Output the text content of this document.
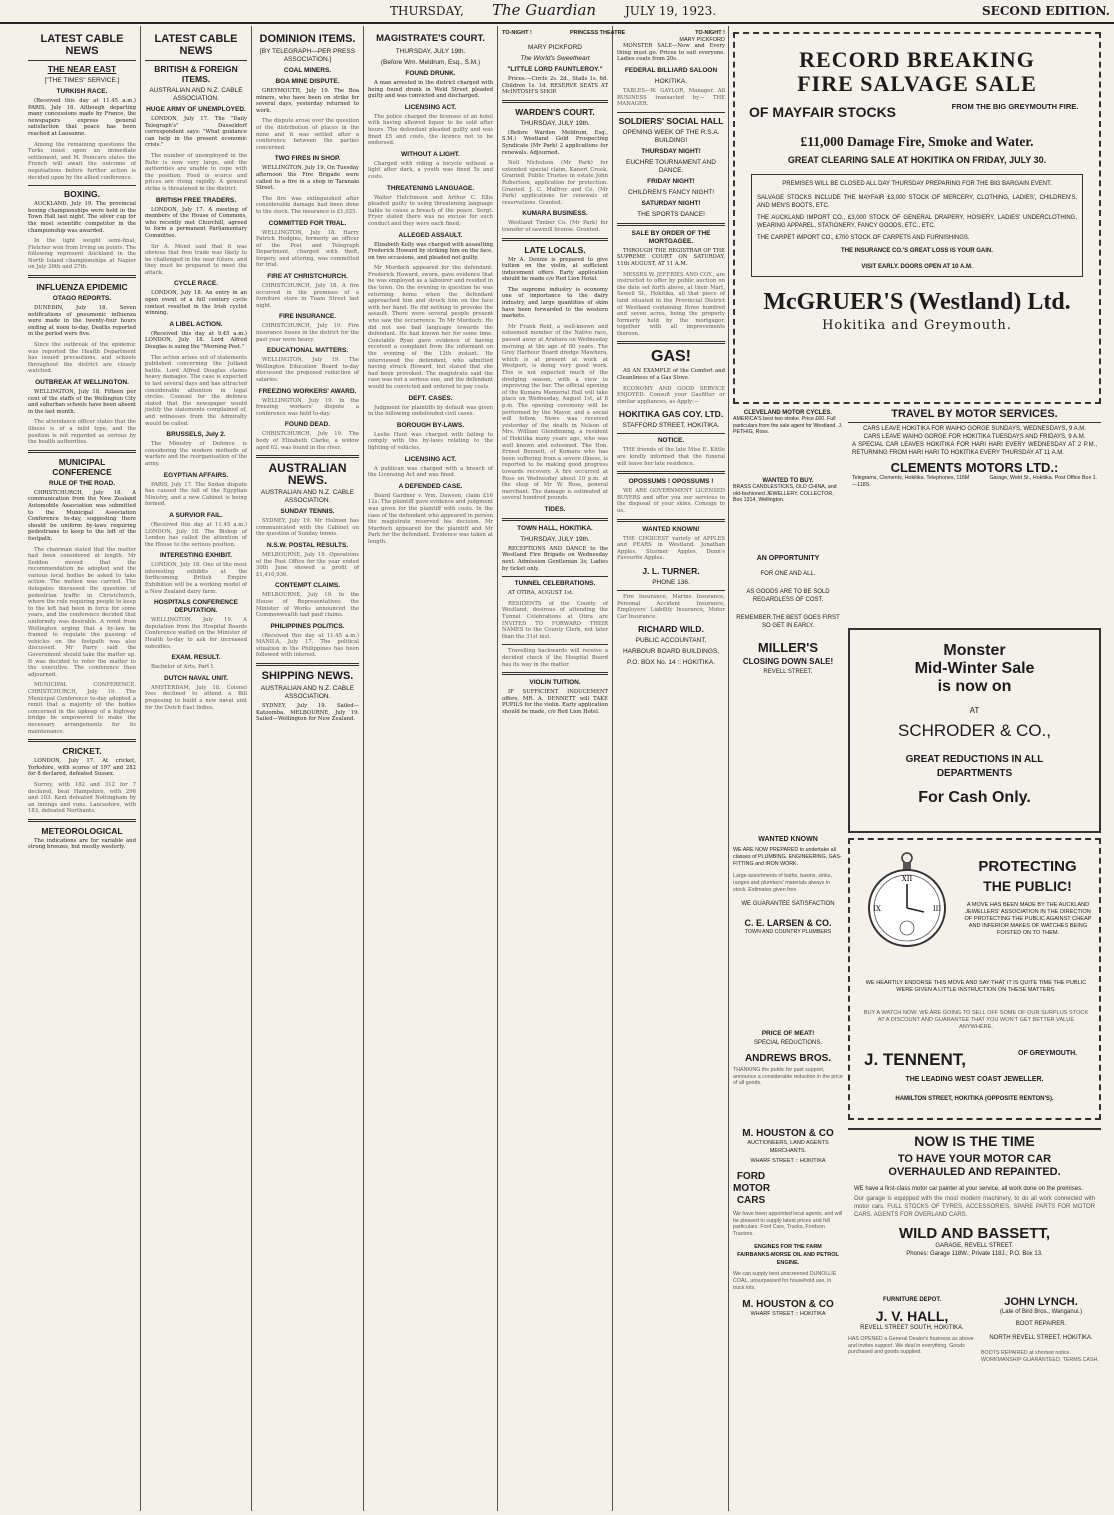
THURSDAY, The Guardian JULY 19, 1923.	SECOND EDITION.
LATEST CABLE NEWS
THE NEAR EAST
["THE TIMES" SERVICE.]
TURKISH RACE.

(Received this day at 11.45 a.m.) PARIS, July 18. Although departing many concessions made by France, the newspapers express general satisfaction that peace has been reached at Lausanne.

Among the remaining questions the Turks insist upon an immediate settlement, and M. Poincare states the French will await the outcome of negotiations before further action is decided upon by the allied conference.

BOXING.

AUCKLAND, July 19. The provincial boxing championships were held in the Town Hall last night. The silver cup for the most scientific competitor in the championship was awarded.

In the light weight semi-final, Fletcher won from Irving on points. The following represent Auckland in the North Island championships at Napier on July 26th and 27th.

INFLUENZA EPIDEMIC
OTAGO REPORTS.

DUNEDIN, July 18. Seven notifications of pneumonic influenza were made in the twenty-four hours ending at noon to-day. Deaths reported in the period were five.

Since the outbreak of the epidemic was reported the Health Department has issued precautions, and schools throughout the district are closely watched.

OUTBREAK AT WELLINGTON.

WELLINGTON, July 18. Fifteen per cent of the staffs of the Wellington City and suburban schools have been absent in the last month.

The attendance officer states that the illness is of a mild type, and the position is not regarded as serious by the health authorities.

MUNICIPAL CONFERENCE
RULE OF THE ROAD.

CHRISTCHURCH, July 18. A communication from the New Zealand Automobile Association was submitted to the Municipal Association Conference to-day, suggesting there should be uniform by-laws requiring pedestrians to keep to the left of the footpath.

The chairman stated that the matter had been considered at length. Mr Seddon moved that the recommendation be adopted and the various local bodies be asked to take action. The motion was carried. The delegates discussed the question of pedestrian traffic in Christchurch, where the rule requiring people to keep to the left had been in force for some years, and the conference decided that uniformity was desirable. A remit from Wellington urging that a by-law be framed to regulate the passing of vehicles on the footpath was also discussed. Mr Parry said the Government should take the matter up. It was decided to refer the matter to the executive. The conference then adjourned.

MUNICIPAL CONFERENCE. CHRISTCHURCH, July 19. The Municipal Conference to-day adopted a remit that a majority of the bodies concerned in the upkeep of a highway bridge be empowered to make the necessary arrangements for its maintenance.

CRICKET.

LONDON, July 17. At cricket, Yorkshire, with scores of 197 and 282 for 8 declared, defeated Sussex.

Surrey, with 182 and 312 for 7 declared, beat Hampshire, with 296 and 103. Kent defeated Nottingham by an innings and runs. Lancashire, with 183, defeated Northants.

METEOROLOGICAL

The indications are for variable and strong breezes, but mostly westerly.

LATEST CABLE NEWS
BRITISH & FOREIGN ITEMS.
AUSTRALIAN AND N.Z. CABLE ASSOCIATION.
HUGE ARMY OF UNEMPLOYED.

LONDON, July 17. The "Daily Telegraph's" Dusseldorf correspondent says: "What guidance can help in the present economic crisis."

The number of unemployed in the Ruhr is now very large, and the authorities are unable to cope with the position. Food is scarce and prices are rising rapidly. A general strike is threatened in the district.

BRITISH FREE TRADERS.

LONDON, July 17. A meeting of members of the House of Commons, who recently met Churchill, agreed to form a permanent Parliamentary Committee.

Sir A. Mond said that it was obvious that free trade was likely to be challenged in the near future, and they must be prepared to meet the attack.

CYCLE RACE.

LONDON, July 18. An entry in an open event of a full century cycle contest resulted in the Irish cyclist winning.

A LIBEL ACTION.

(Received this day at 9.45 a.m.) LONDON, July 18. Lord Alfred Douglas is suing the "Morning Post."

The action arises out of statements published concerning the Jutland battle. Lord Alfred Douglas claims heavy damages. The case is expected to last several days and has attracted considerable attention in legal circles. Counsel for the defence stated that the newspaper would justify the statements complained of, and witnesses from the Admiralty would be called.

BRUSSELS, July 2.

The Ministry of Defence is considering the modern methods of warfare and the reorganisation of the army.

EGYPTIAN AFFAIRS.

PARIS, July 17. The Sudan dispute has caused the fall of the Egyptian Ministry, and a new Cabinet is being formed.

A SURVIOR FAIL.

(Received this day at 11.45 a.m.) LONDON, July 18. The Bishop of London has called the attention of the House to the serious position.

INTERESTING EXHIBIT.

LONDON, July 18. One of the most interesting exhibits at the forthcoming British Empire Exhibition will be a working model of a New Zealand dairy farm.

HOSPITALS CONFERENCE DEPUTATION.

WELLINGTON, July 19. A deputation from the Hospital Boards Conference waited on the Minister of Health to-day to ask for increased subsidies.

EXAM. RESULT.

Bachelor of Arts, Part I.

DUTCH NAVAL UNIT.

AMSTERDAM, July 18. Colonel Ives declined to attend a Bill proposing to build a new naval unit for the Dutch East Indies.

DOMINION ITEMS.
[BY TELEGRAPH—PER PRESS ASSOCIATION.]
COAL MINERS.
BOA MINE DISPUTE.

GREYMOUTH, July 19. The Boa miners, who have been on strike for several days, yesterday returned to work.

The dispute arose over the question of the distribution of places in the mine and it was settled after a conference between the parties concerned.

TWO FIRES IN SHOP.

WELLINGTON, July 19. On Tuesday afternoon the Fire Brigade were called to a fire in a shop in Taranaki Street.

The fire was extinguished after considerable damage had been done to the stock. The insurance is £1,025.

COMMITTED FOR TRIAL.

WELLINGTON, July 18. Harry Patrick Hodgins, formerly an officer of the Post and Telegraph Department, charged with theft, forgery, and uttering, was committed for trial.

FIRE AT CHRISTCHURCH.

CHRISTCHURCH, July 18. A fire occurred in the premises of a furniture store in Tuam Street last night.

FIRE INSURANCE.

CHRISTCHURCH, July 19. Fire insurance losses in the district for the past year were heavy.

EDUCATIONAL MATTERS.

WELLINGTON, July 19. The Wellington Education Board to-day discussed the proposed reduction of salaries.

FREEZING WORKERS' AWARD.

WELLINGTON, July 19. In the freezing workers' dispute a conference was held to-day.

FOUND DEAD.

CHRISTCHURCH, July 19. The body of Elizabeth Clarke, a widow aged 62, was found in the river.

AUSTRALIAN NEWS.
AUSTRALIAN AND N.Z. CABLE ASSOCIATION.
SUNDAY TENNIS.

SYDNEY, July 19. Mr Holman has communicated with the Cabinet on the question of Sunday tennis.

N.S.W. POSTAL RESULTS.

MELBOURNE, July 19. Operations of the Post Office for the year ended 30th June showed a profit of £1,410,936.

CONTEMPT CLAIMS.

MELBOURNE, July 19. In the House of Representatives the Minister of Works announced the Commonwealth had paid claims.

PHILIPPINES POLITICS.

(Received this day at 11.45 a.m.) MANILA, July 17. The political situation in the Philippines has been followed with interest.

SHIPPING NEWS.
AUSTRALIAN AND N.Z. CABLE ASSOCIATION.

SYDNEY, July 19. Sailed—Katoomba. MELBOURNE, July 19. Sailed—Wellington for New Zealand.

MAGISTRATE'S COURT.
THURSDAY, JULY 19th.
(Before Wm. Meldrum, Esq., S.M.)
FOUND DRUNK.

A man arrested in the district charged with being found drunk in Weld Street pleaded guilty and was convicted and discharged.

LICENSING ACT.

The police charged the licensee of an hotel with having allowed liquor to be sold after hours. The defendant pleaded guilty and was fined £5 and costs, the licence not to be endorsed.

WITHOUT A LIGHT.

Charged with riding a bicycle without a light after dark, a youth was fined 5s and costs.

THREATENING LANGUAGE.

Walter Hutchinson and Arthur C. Ellis pleaded guilty to using threatening language liable to cause a breach of the peace. Sergt. Fryer stated there was no excuse for such conduct and they were each fined.

ALLEGED ASSAULT.

Elizabeth Kelly was charged with assaulting Frederick Howard by striking him on the face, on two occasions, and pleaded not guilty.

Mr Murdoch appeared for the defendant. Frederick Howard, sworn, gave evidence that he was employed as a labourer and resided in the town. On the evening in question he was returning home when the defendant approached him and struck him on the face with her hand. He did nothing to provoke the assault. There were several people present who saw the occurrence. To Mr Murdoch: He did not use bad language towards the defendant. He had known her for some time. Constable Ryan gave evidence of having received a complaint from the informant on the evening of the 12th instant. He interviewed the defendant, who admitted having struck Howard, but stated that she had been provoked. The magistrate said the case was not a serious one, and the defendant would be convicted and ordered to pay costs.

DEFT. CASES.

Judgment for plaintiffs by default was given in the following undefended civil cases.

BOROUGH BY-LAWS.

Leslie Hunt was charged with failing to comply with the by-laws relating to the lighting of vehicles.

LICENSING ACT.

A publican was charged with a breach of the Licensing Act and was fined.

A DEFENDED CASE.

Board Gardner v. Wm. Dawson, claim £16 12s. The plaintiff gave evidence and judgment was given for the plaintiff with costs. In the case of the defendant who appeared in person the magistrate reserved his decision. Mr Murdoch appeared for the plaintiff and Mr Park for the defendant. Evidence was taken at length.

TO-NIGHT !	PRINCESS THEATRE
MARY PICKFORD
The World's Sweetheart
"LITTLE LORD FAUNTLEROY."

Prices.—Circle 2s. 2d., Stalls 1s. 6d. Children 1s. 1d. RESERVE SEATS AT McINTOSH'S SHOP.

WARDEN'S COURT.
THURSDAY, JULY 19th.

(Before Warden Meldrum, Esq., S.M.) Westland Gold Prospecting Syndicate (Mr Park) 2 applications for renewals. Adjourned.

Neil Nicholson (Mr Park) for extended special claim, Kaneri Creek. Granted. Public Trustee in estate John Robertson, application for protection. Granted. J. C. Malfroy and Co. (Mr Park) applications for renewals of reservations. Granted.

KUMARA BUSINESS.

Westland Timber Co. (Mr Park) for transfer of sawmill license. Granted.

LATE LOCALS.

Mr A. Dennis is prepared to give tuition on the violin, at sufficient inducement offers. Early application should be made c/o Red Lion Hotel.

The supreme industry is economy one of importance to the dairy industry, and large quantities of skim have been forwarded to the western markets.

Mr Frank Reid, a well-known and esteemed member of the Native race, passed away at Arahura on Wednesday morning at the age of 80 years. The Grey Harbour Board dredge Mawhera, which is at present at work at Westport, is doing very good work. This is not expected much of the dredging season, with a view to improving the bar. The official opening of the Kumara Memorial Hall will take place on Wednesday, August 1st, at 8 p.m. The opening ceremony will be performed by the Mayor, and a social will follow. News was received yesterday of the death in Nelson of Mrs. William Glendinning, a resident of Hokitika many years ago, who was well known and esteemed. The Hon. Ernest Bennett, of Kumara who has been suffering from a severe illness, is reported to be making good progress towards recovery. A fire occurred at Ross on Wednesday about 10 p.m. at the shop of Mr W. Ross, general merchant. The damage is estimated at several hundred pounds.

TIDES.
TOWN HALL, HOKITIKA.
THURSDAY, JULY 19th.

RECEPTIONS AND DANCE to the Westland Fire Brigade on Wednesday next. Admission Gentleman 3s; Ladies by ticket only.

TUNNEL CELEBRATIONS.

AT OTIRA, AUGUST 1st.

RESIDENTS of the County of Westland, desirous of attending the Tunnel Celebrations at Otira are INVITED TO FORWARD THEIR NAMES to the County Clerk, not later than the 31st inst.

Travelling backwards will receive a decided check if the Hospital Board has its way in the matter.

VIOLIN TUITION.

IF SUFFICIENT INDUCEMENT offers, MR. A. DENNETT will TAKE PUPILS for the violin. Early application should be made, c/o Red Lion Hotel.

TO-NIGHT !
MARY PICKFORD

MONSTER SALE—Now and Every thing must go. Prices to suit everyone. Ladies coats from 20s.

FEDERAL BILLIARD SALOON
HOKITIKA.

TABLES—W. GAYLOR, Manager. All BUSINESS transacted by— THE MANAGER.

SOLDIERS' SOCIAL HALL
OPENING WEEK OF THE R.S.A. BUILDING!
THURSDAY NIGHT!
EUCHRE TOURNAMENT AND DANCE.
FRIDAY NIGHT!
CHILDREN'S FANCY NIGHT!
SATURDAY NIGHT!
THE SPORTS DANCE!
SALE BY ORDER OF THE MORTGAGEE.

THROUGH THE REGISTRAR OF THE SUPREME COURT ON SATURDAY, 11th AUGUST, AT 11 A.M.

MESSRS W. JEFFRIES AND COY., are instructed to offer by public auction on the date set forth above, at their Mart, Sewell St., Hokitika, all that piece of land situated in the Provincial District of Westland containing three hundred and seven acres, being the property formerly held by the mortgagor, together with all improvements thereon.

GAS!

AS AN EXAMPLE of the Comfort and Cleanliness of a Gas Stove.

ECONOMY AND GOOD SERVICE ENJOYED. Consult your Gasfitter or similar appliances, as Apply:—

HOKITIKA GAS COY. LTD.
STAFFORD STREET, HOKITIKA.
NOTICE.

THE friends of the late Miss E. Kittle are kindly informed that the funeral will leave her late residence.

OPOSSUMS ! OPOSSUMS !

WE ARE GOVERNMENT LICENSED BUYERS and offer you our services in the disposal of your skins. Consign to us.

WANTED KNOWN!

THE CHOICEST variety of APPLES and PEARS in Westland. Jonathan Apples, Sturmer Apples, Dunn's Favourite Apples.

J. L. TURNER.
PHONE 136.

Fire Insurance, Marine Insurance, Personal Accident Insurance, Employers' Liability Insurance, Motor Car Insurance.

RICHARD WILD.
PUBLIC ACCOUNTANT,
HARBOUR BOARD BUILDINGS,
P.O. BOX No. 14 :: HOKITIKA.
RECORD BREAKING
FIRE SALVAGE SALE
OF MAYFAIR STOCKS	FROM THE BIG GREYMOUTH FIRE.
£11,000 Damage Fire, Smoke and Water.
GREAT CLEARING SALE AT HOKITIKA ON FRIDAY, JULY 30.
PREMISES WILL BE CLOSED ALL DAY THURSDAY PREPARING FOR THE BIG BARGAIN EVENT.
SALVAGE STOCKS INCLUDE THE MAYFAIR £3,000 STOCK OF MERCERY, CLOTHING, LADIES', CHILDREN'S, AND MEN'S BOOTS, ETC.
THE AUCKLAND IMPORT CO., £3,000 STOCK OF GENERAL DRAPERY, HOSIERY, LADIES' UNDERCLOTHING, WEARING APPAREL, STATIONERY, FANCY GOODS, ETC., ETC.
THE CARPET IMPORT CO., £700 STOCK OF CARPETS AND FURNISHINGS.
THE INSURANCE CO.'S GREAT LOSS IS YOUR GAIN.
VISIT EARLY. DOORS OPEN AT 10 A.M.
McGRUER'S (Westland) Ltd.
Hokitika and Greymouth.
CLEVELAND MOTOR CYCLES.
AMERICA'S best two stroke. Price £60. Full particulars from the sale agent for Westland. J. PETHIG, Ross.
TRAVEL BY MOTOR SERVICES.
CARS LEAVE HOKITIKA FOR WAIHO GORGE SUNDAYS, WEDNESDAYS, 9 A.M.
CARS LEAVE WAIHO GORGE FOR HOKITIKA TUESDAYS AND FRIDAYS, 9 A.M.
A SPECIAL CAR LEAVES HOKITIKA FOR HARI HARI EVERY WEDNESDAY AT 2 P.M., RETURNING FROM HARI HARI TO HOKITIKA EVERY THURSDAY AT 11 A.M.
CLEMENTS MOTORS LTD.:
Telegrams, Clements, Hokitika. Telephones, 116M—118S.
Garage, Weld St., Hokitika. Post Office Box 1.
WANTED TO BUY.
BRASS CANDLESTICKS, OLD CHINA, and old-fashioned JEWELLERY. COLLECTOR, Box 1314, Wellington.
AN OPPORTUNITY
FOR ONE AND ALL.
AS GOODS ARE TO BE SOLD REGARDLESS OF COST.
REMEMBER THE BEST GOES FIRST SO GET IN EARLY.
MILLER'S
CLOSING DOWN SALE!
REVELL STREET.
Monster
Mid-Winter Sale
is now on
AT
SCHRODER & CO.,
GREAT REDUCTIONS IN ALL DEPARTMENTS
For Cash Only.
WANTED KNOWN
WE ARE NOW PREPARED to undertake all classes of PLUMBING, ENGINEERING, GAS-FITTING and IRON WORK.
Large assortments of baths, basins, sinks, ranges and plumbers' materials always in stock. Estimates given free.
WE GUARANTEE SATISFACTION
C. E. LARSEN & CO.
TOWN AND COUNTRY PLUMBERS
XII
III
IX
PROTECTING
THE PUBLIC!
A MOVE HAS BEEN MADE BY THE AUCKLAND JEWELLERS' ASSOCIATION IN THE DIRECTION OF PROTECTING THE PUBLIC AGAINST CHEAP AND INFERIOR MAKES OF WATCHES BEING FOISTED ON TO THEM.
WE HEARTILY ENDORSE THIS MOVE AND SAY THAT IT IS QUITE TIME THE PUBLIC WERE GIVEN A LITTLE INSTRUCTION ON THESE MATTERS.
BUY A WATCH NOW. WE ARE GOING TO SELL OFF SOME OF OUR SURPLUS STOCK AT A DISCOUNT AND GUARANTEE THAT YOU WON'T GET BETTER VALUE ANYWHERE.
J. TENNENT,	OF GREYMOUTH.
THE LEADING WEST COAST JEWELLER.
HAMILTON STREET, HOKITIKA (OPPOSITE RENTON'S).
PRICE OF MEAT!
SPECIAL REDUCTIONS.
ANDREWS BROS.
THANKING the public for past support, announce a considerable reduction in the price of all goods.
M. HOUSTON & CO
AUCTIONEERS, LAND AGENTS MERCHANTS.
WHARF STREET :: HOKITIKA
FORD MOTOR CARS
We have been appointed local agents, and will be pleased to supply latest prices and full particulars. Ford Cars, Trucks, Fordson Tractors.
ENGINES FOR THE FARM
FAIRBANKS-MORSE OIL AND PETROL ENGINE.
We can supply best unscreened DUNOLLIE COAL, unsurpassed for household use, in truck lots.
M. HOUSTON & CO
WHARF STREET :: HOKITIKA
NOW IS THE TIME
TO HAVE YOUR MOTOR CAR OVERHAULED AND REPAINTED.
WE have a first-class motor car painter at your service, all work done on the premises.
Our garage is equipped with the most modern machinery, to do all work connected with motor cars. FULL STOCKS OF TYRES, ACCESSORIES, SPARE PARTS FOR MOTOR CARS. AGENTS FOR OVERLAND CARS.
WILD AND BASSETT,
GARAGE, REVELL STREET.
Phones: Garage 118W.; Private 118J.; P.O. Box 13.
FURNITURE DEPOT.
J. V. HALL,
REVELL STREET SOUTH, HOKITIKA.
HAS OPENED a General Dealer's business as above and invites support. We deal in everything. Goods purchased and goods supplied.
JOHN LYNCH.
(Late of Bird Bros., Wanganui.)
BOOT REPAIRER.
NORTH REVELL STREET, HOKITIKA.
BOOTS REPAIRED at shortest notice. WORKMANSHIP GUARANTEED. TERMS CASH.
